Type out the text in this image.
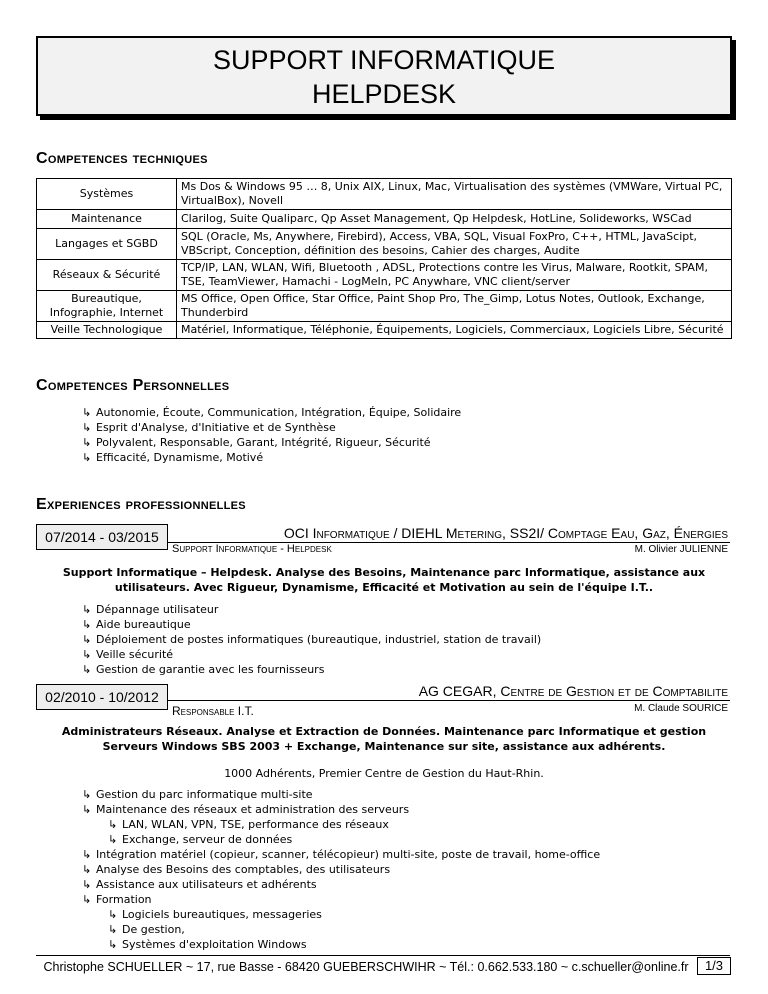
SUPPORT INFORMATIQUE
HELPDESK
Competences techniques
Systèmes	Ms Dos & Windows 95 … 8, Unix AIX, Linux, Mac, Virtualisation des systèmes (VMWare, Virtual PC, VirtualBox), Novell
Maintenance	Clarilog, Suite Qualiparc, Qp Asset Management, Qp Helpdesk, HotLine, Solideworks, WSCad
Langages et SGBD	SQL (Oracle, Ms, Anywhere, Firebird), Access, VBA, SQL, Visual FoxPro, C++, HTML, JavaScipt, VBScript, Conception, définition des besoins, Cahier des charges, Audite
Réseaux & Sécurité	TCP/IP, LAN, WLAN, Wifi, Bluetooth , ADSL, Protections contre les Virus, Malware, Rootkit, SPAM, TSE, TeamViewer, Hamachi - LogMeIn, PC Anywhare, VNC client/server
Bureautique, Infographie, Internet	MS Office, Open Office, Star Office, Paint Shop Pro, The_Gimp, Lotus Notes, Outlook, Exchange, Thunderbird
Veille Technologique	Matériel, Informatique, Téléphonie, Équipements, Logiciels, Commerciaux, Logiciels Libre, Sécurité
Competences Personnelles
↳ Autonomie, Écoute, Communication, Intégration, Équipe, Solidaire
↳ Esprit d'Analyse, d'Initiative et de Synthèse
↳ Polyvalent, Responsable, Garant, Intégrité, Rigueur, Sécurité
↳ Efficacité, Dynamisme, Motivé
Experiences professionnelles
07/2014 - 03/2015	OCI Informatique / DIEHL Metering, SS2I/ Comptage Eau, Gaz, Énergies
Support Informatique - Helpdesk	M. Olivier JULIENNE
Support Informatique – Helpdesk. Analyse des Besoins, Maintenance parc Informatique, assistance aux utilisateurs. Avec Rigueur, Dynamisme, Efficacité et Motivation au sein de l'équipe I.T..
↳ Dépannage utilisateur
↳ Aide bureautique
↳ Déploiement de postes informatiques (bureautique, industriel, station de travail)
↳ Veille sécurité
↳ Gestion de garantie avec les fournisseurs
02/2010 - 10/2012	AG CEGAR, Centre de Gestion et de Comptabilite
Responsable I.T.	M. Claude SOURICE
Administrateurs Réseaux. Analyse et Extraction de Données. Maintenance parc Informatique et gestion Serveurs Windows SBS 2003 + Exchange, Maintenance sur site, assistance aux adhérents.
1000 Adhérents, Premier Centre de Gestion du Haut-Rhin.
↳ Gestion du parc informatique multi-site
↳ Maintenance des réseaux et administration des serveurs
↳ LAN, WLAN, VPN, TSE, performance des réseaux
↳ Exchange, serveur de données
↳ Intégration matériel (copieur, scanner, télécopieur) multi-site, poste de travail, home-office
↳ Analyse des Besoins des comptables, des utilisateurs
↳ Assistance aux utilisateurs et adhérents
↳ Formation
↳ Logiciels bureautiques, messageries
↳ De gestion,
↳ Systèmes d'exploitation Windows
Christophe SCHUELLER ~ 17, rue Basse - 68420 GUEBERSCHWIHR ~ Tél.: 0.662.533.180 ~ c.schueller@online.fr	1/3
